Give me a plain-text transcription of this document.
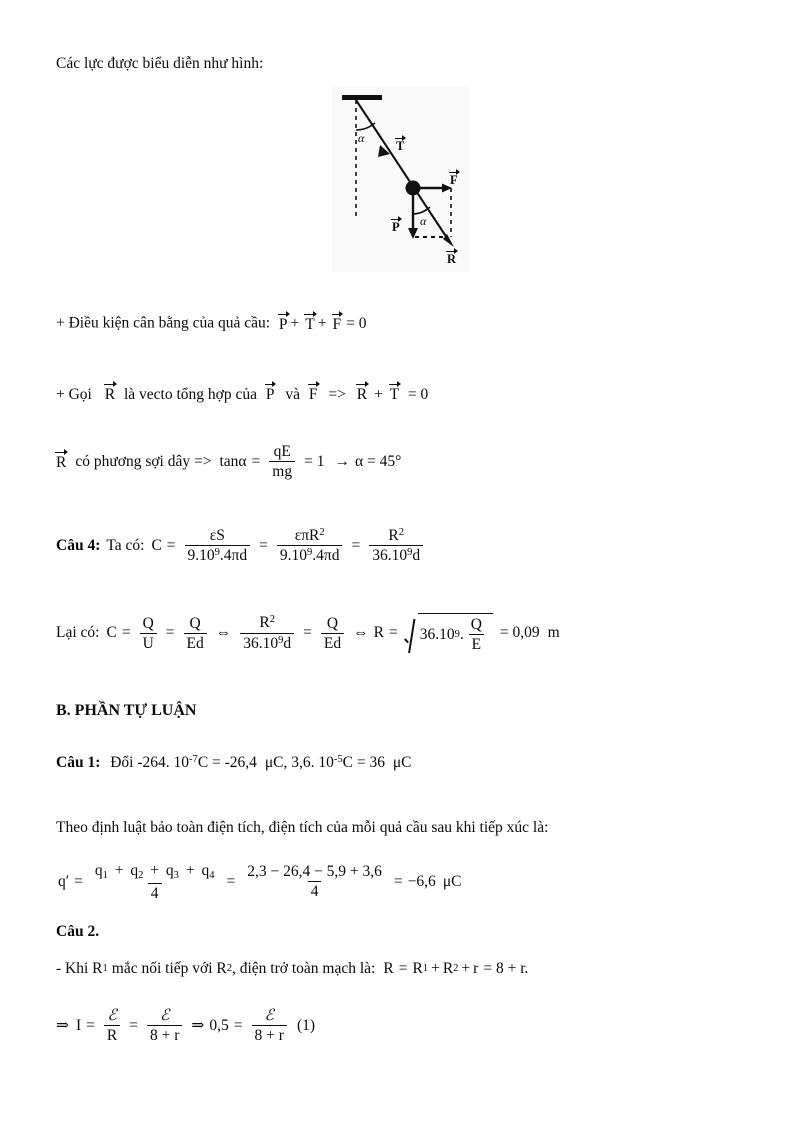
Các lực được biểu diễn như hình:
α
T
F
P α
R
+ Điều kiện cân bằng của quả cầu: P + T + F = 0
+ Gọi R là vecto tổng hợp của P và F => R + T = 0
R có phương sợi dây => $\tan\alpha = \frac{qE}{mg} = 1 \to \alpha = 45^\circ$
Câu 4: Ta có: $C = \frac{\varepsilon S}{9.10^9.4\pi d} = \frac{\varepsilon\pi R^2}{9.10^9.4\pi d} = \frac{R^2}{36.10^9d}$
Lại có: $C = \frac{Q}{U} = \frac{Q}{Ed}$ ⇔ $\frac{R^2}{36.10^9d} = \frac{Q}{Ed}$ ⇔ R = 36.10 9 . $\frac{Q}{E} = 0,09$ m
B. PHẦN TỰ LUẬN
Câu 1: Đổi -264. $10^{-7}C = -26,4$ μC, 3,6. $10^{-5}C = 36$ μC
Theo định luật bảo toàn điện tích, điện tích của mỗi quả cầu sau khi tiếp xúc là:
q′ =
$q_1 + q_2 + q_3 + q_4$
4
= $\frac{2,3 - 26,4 - 5,9 + 3,6}{4} = -6,6$ μC
Câu 2.
- Khi R 1 mắc nối tiếp với R 2 , điện trở toàn mạch là: R = R 1 + R 2 + r = 8 + r.
⇒ $I = \frac{\text{ℰ}}{R} = \frac{\text{ℰ}}{8 + r}$ ⇒ $0,5 = \frac{\text{ℰ}}{8 + r} (1)$
